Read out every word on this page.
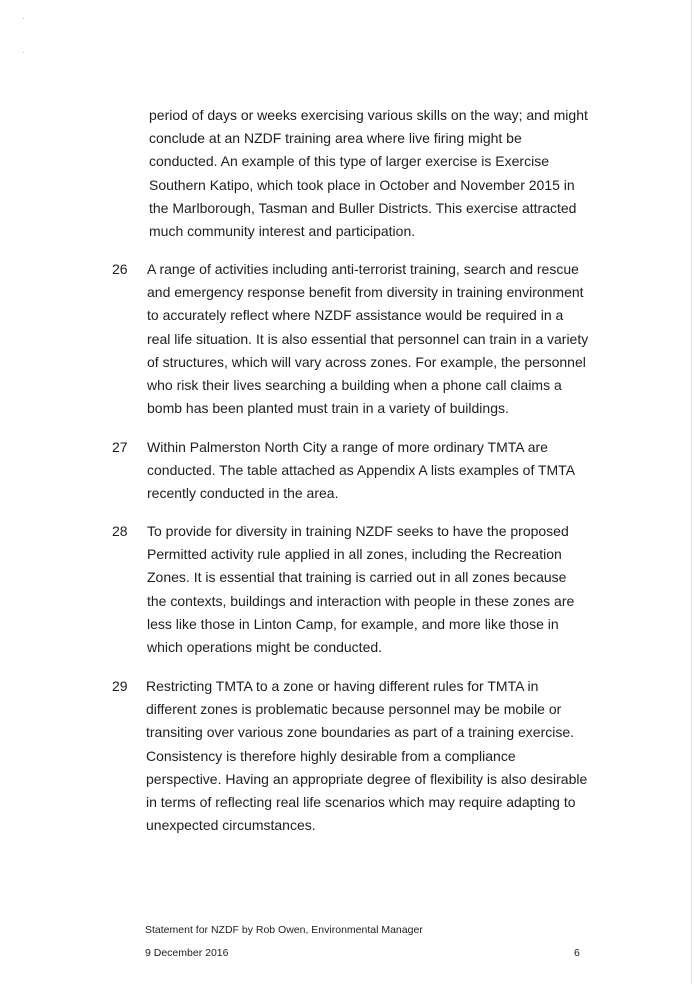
·
·
period of days or weeks exercising various skills on the way; and might conclude at an NZDF training area where live firing might be conducted. An example of this type of larger exercise is Exercise Southern Katipo, which took place in October and November 2015 in the Marlborough, Tasman and Buller Districts. This exercise attracted much community interest and participation.
26	A range of activities including anti-terrorist training, search and rescue and emergency response benefit from diversity in training environment to accurately reflect where NZDF assistance would be required in a real life situation. It is also essential that personnel can train in a variety of structures, which will vary across zones. For example, the personnel who risk their lives searching a building when a phone call claims a bomb has been planted must train in a variety of buildings.
27	Within Palmerston North City a range of more ordinary TMTA are conducted. The table attached as Appendix A lists examples of TMTA recently conducted in the area.
28	To provide for diversity in training NZDF seeks to have the proposed Permitted activity rule applied in all zones, including the Recreation Zones. It is essential that training is carried out in all zones because the contexts, buildings and interaction with people in these zones are less like those in Linton Camp, for example, and more like those in which operations might be conducted.
29	Restricting TMTA to a zone or having different rules for TMTA in different zones is problematic because personnel may be mobile or transiting over various zone boundaries as part of a training exercise. Consistency is therefore highly desirable from a compliance perspective. Having an appropriate degree of flexibility is also desirable in terms of reflecting real life scenarios which may require adapting to unexpected circumstances.
Statement for NZDF by Rob Owen, Environmental Manager
9 December 2016	6
